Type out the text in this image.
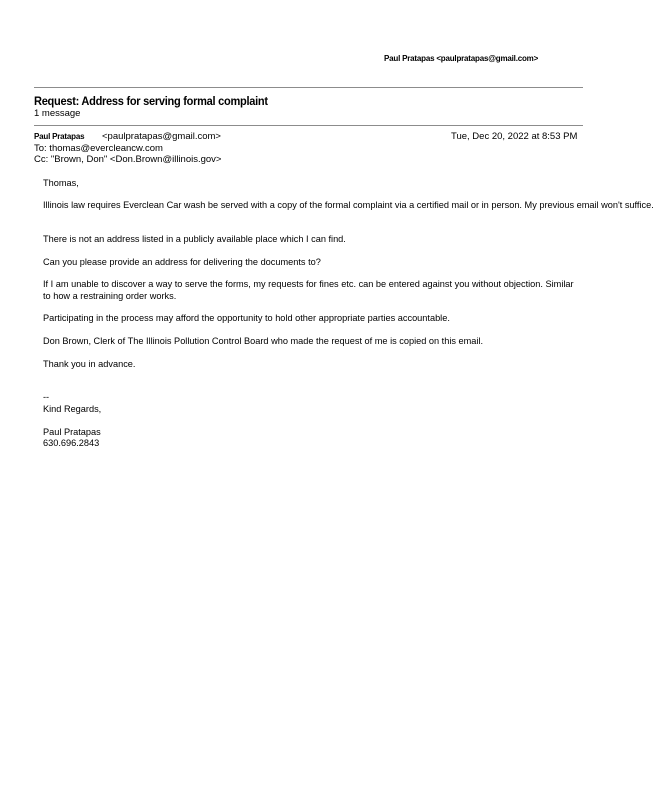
Paul Pratapas <paulpratapas@gmail.com>
Request: Address for serving formal complaint
1 message
Paul Pratapas <paulpratapas@gmail.com>	Tue, Dec 20, 2022 at 8:53 PM
To: thomas@evercleancw.com
Cc: "Brown, Don" <Don.Brown@illinois.gov>

Thomas,

Illinois law requires Everclean Car wash be served with a copy of the formal complaint via a certified mail or in person. My previous email won't suffice.

There is not an address listed in a publicly available place which I can find.

Can you please provide an address for delivering the documents to?

If I am unable to discover a way to serve the forms, my requests for fines etc. can be entered against you without objection. Similar to how a restraining order works.

Participating in the process may afford the opportunity to hold other appropriate parties accountable.

Don Brown, Clerk of The Illinois Pollution Control Board who made the request of me is copied on this email.

Thank you in advance.

--
Kind Regards,
Paul Pratapas
630.696.2843
